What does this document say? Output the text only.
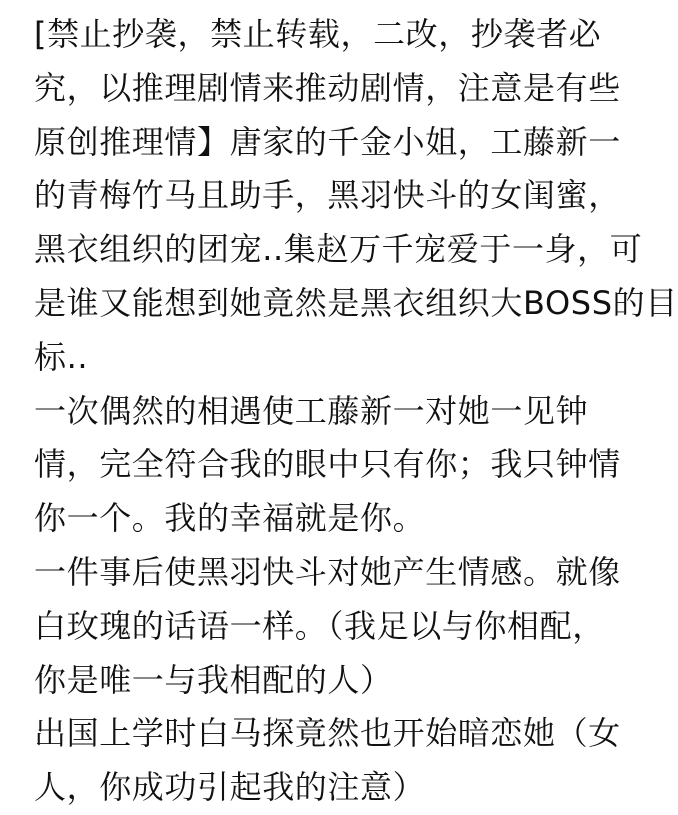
[禁止抄袭，禁止转载，二改，抄袭者必
究，以推理剧情来推动剧情，注意是有些
原创推理情】唐家的千金小姐，工藤新一
的青梅竹马且助手，黑羽快斗的女闺蜜，
黑衣组织的团宠..集赵万千宠爱于一身，可
是谁又能想到她竟然是黑衣组织大BOSS的目
标..
一次偶然的相遇使工藤新一对她一见钟
情，完全符合我的眼中只有你；我只钟情
你一个。我的幸福就是你。
一件事后使黑羽快斗对她产生情感。就像
白玫瑰的话语一样。（我足以与你相配，
你是唯一与我相配的人）
出国上学时白马探竟然也开始暗恋她（女
人，你成功引起我的注意）
